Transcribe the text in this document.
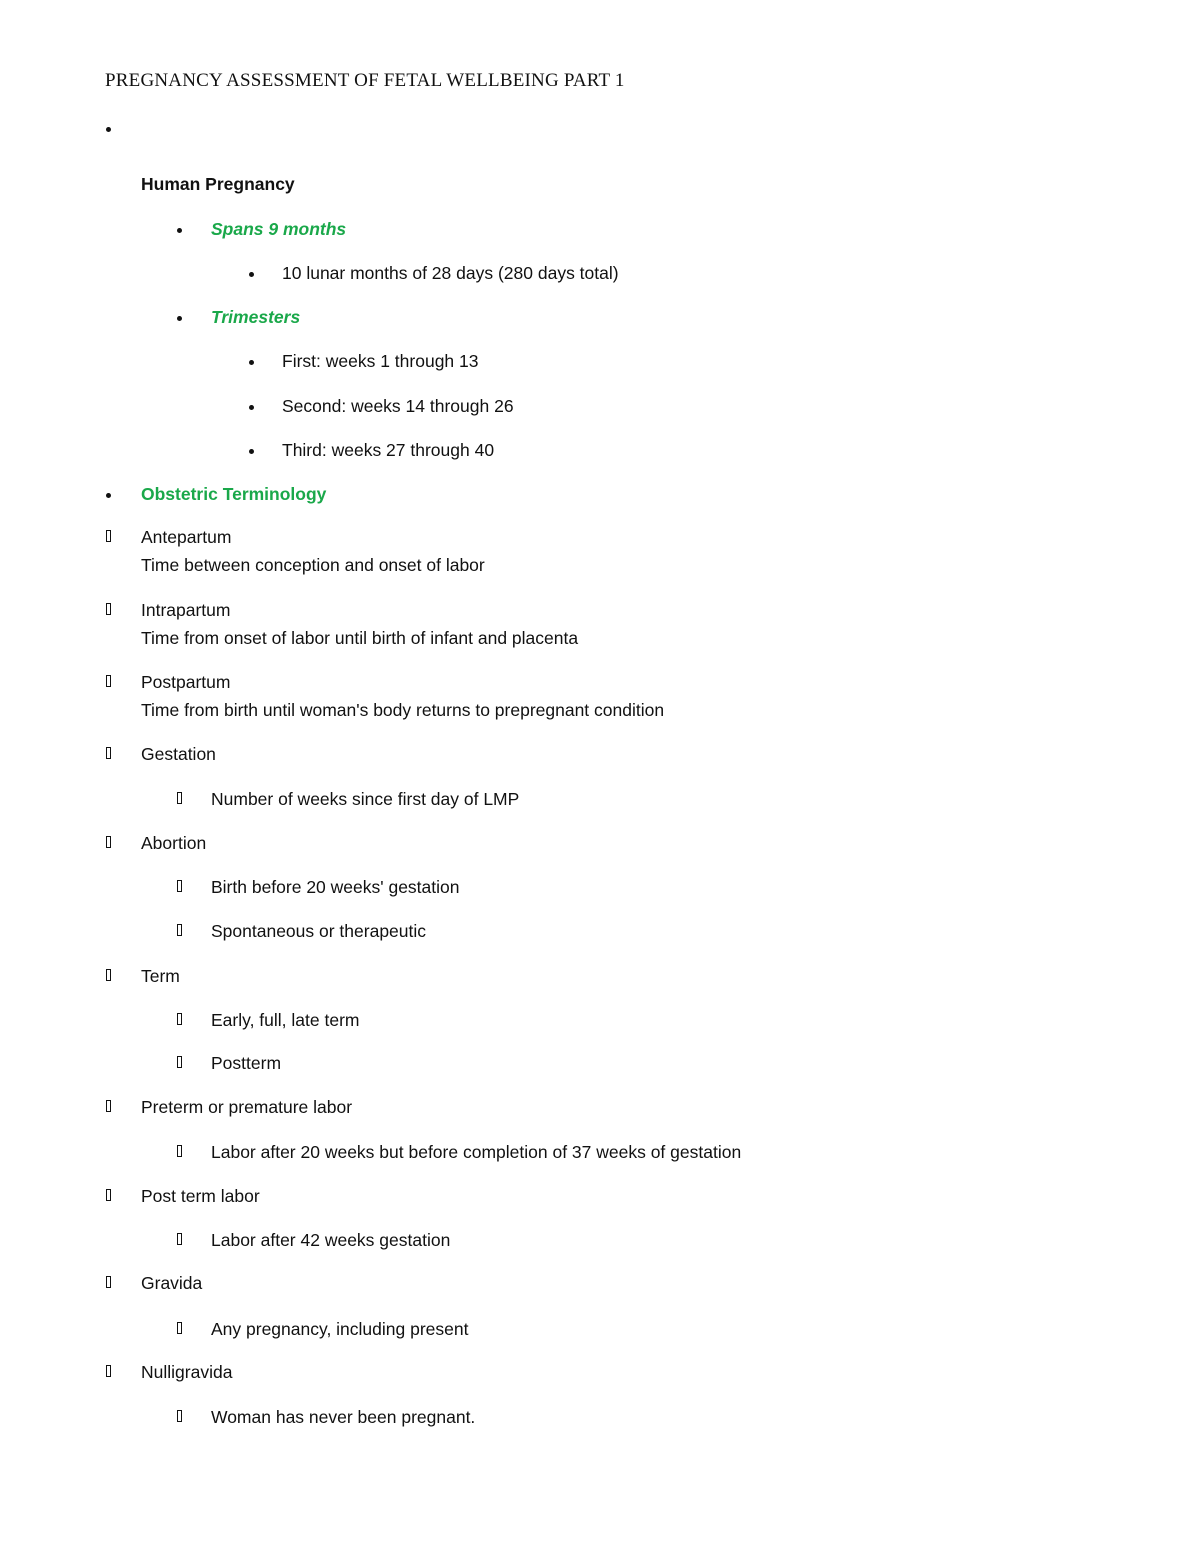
PREGNANCY ASSESSMENT OF FETAL WELLBEING PART 1
Human Pregnancy
Spans 9 months
10 lunar months of 28 days (280 days total)
Trimesters
First: weeks 1 through 13
Second: weeks 14 through 26
Third: weeks 27 through 40
Obstetric Terminology
Antepartum
Time between conception and onset of labor
Intrapartum
Time from onset of labor until birth of infant and placenta
Postpartum
Time from birth until woman's body returns to prepregnant condition
Gestation
Number of weeks since first day of LMP
Abortion
Birth before 20 weeks' gestation
Spontaneous or therapeutic
Term
Early, full, late term
Postterm
Preterm or premature labor
Labor after 20 weeks but before completion of 37 weeks of gestation
Post term labor
Labor after 42 weeks gestation
Gravida
Any pregnancy, including present
Nulligravida
Woman has never been pregnant.
